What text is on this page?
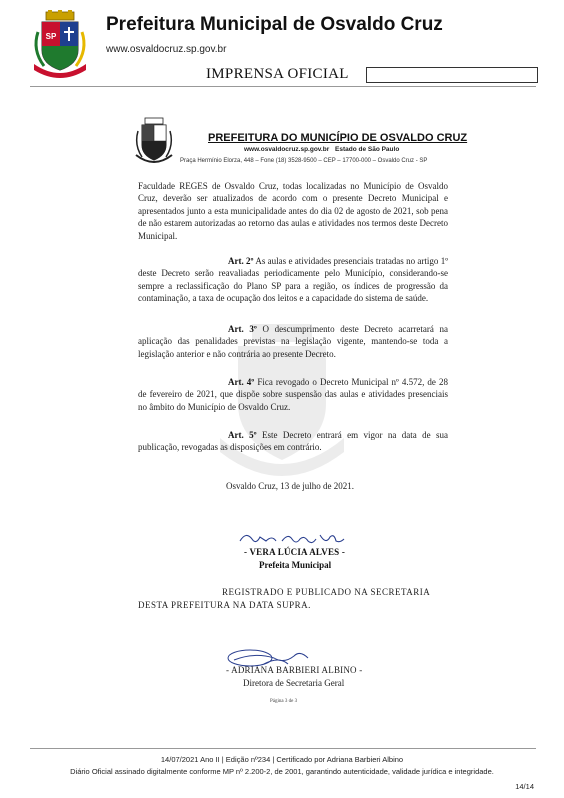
SP
Prefeitura Municipal de Osvaldo Cruz
www.osvaldocruz.sp.gov.br
IMPRENSA OFICIAL	Departamento de Secretaria Geral
PREFEITURA DO MUNICÍPIO DE OSVALDO CRUZ
www.osvaldocruz.sp.gov.br Estado de São Paulo
Praça Hermínio Elorza, 448 – Fone (18) 3528-9500 – CEP – 17700-000 – Osvaldo Cruz - SP
Faculdade REGES de Osvaldo Cruz, todas localizadas no Município de Osvaldo Cruz, deverão ser atualizados de acordo com o presente Decreto Municipal e apresentados junto a esta municipalidade antes do dia 02 de agosto de 2021, sob pena de não estarem autorizadas ao retorno das aulas e atividades nos termos deste Decreto Municipal.
Art. 2º As aulas e atividades presenciais tratadas no artigo 1º deste Decreto serão reavaliadas periodicamente pelo Município, considerando-se sempre a reclassificação do Plano SP para a região, os índices de progressão da contaminação, a taxa de ocupação dos leitos e a capacidade do sistema de saúde.
Art. 3º O descumprimento deste Decreto acarretará na aplicação das penalidades previstas na legislação vigente, mantendo-se toda a legislação anterior e não contrária ao presente Decreto.
Art. 4º Fica revogado o Decreto Municipal nº 4.572, de 28 de fevereiro de 2021, que dispõe sobre suspensão das aulas e atividades presenciais no âmbito do Município de Osvaldo Cruz.
Art. 5º Este Decreto entrará em vigor na data de sua publicação, revogadas as disposições em contrário.
Osvaldo Cruz, 13 de julho de 2021.
- VERA LÚCIA ALVES -
Prefeita Municipal
REGISTRADO E PUBLICADO NA SECRETARIA
DESTA PREFEITURA NA DATA SUPRA.
- ADRIANA BARBIERI ALBINO -
Diretora de Secretaria Geral
Página 3 de 3
14/07/2021 Ano II | Edição nº234 | Certificado por Adriana Barbieri Albino
Diário Oficial assinado digitalmente conforme MP nº 2.200-2, de 2001, garantindo autenticidade, validade jurídica e integridade.
14/14
